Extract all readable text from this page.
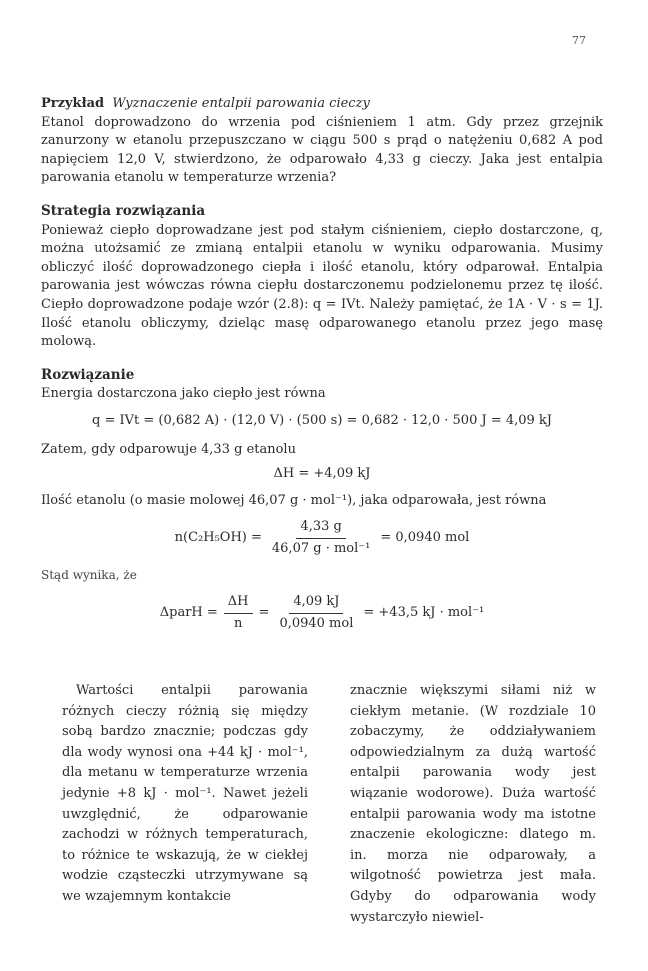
77

Przykład Wyznaczenie entalpii parowania cieczy

Etanol doprowadzono do wrzenia pod ciśnieniem 1 atm. Gdy przez grzejnik zanurzony w etanolu przepuszczano w ciągu 500 s prąd o natężeniu 0,682 A pod napięciem 12,0 V, stwierdzono, że odparowało 4,33 g cieczy. Jaka jest entalpia parowania etanolu w temperaturze wrzenia?

Strategia rozwiązania

Ponieważ ciepło doprowadzane jest pod stałym ciśnieniem, ciepło dostarczone, q, można utożsamić ze zmianą entalpii etanolu w wyniku odparowania. Musimy obliczyć ilość doprowadzonego ciepła i ilość etanolu, który odparował. Entalpia parowania jest wówczas równa ciepłu dostarczonemu podzielonemu przez tę ilość. Ciepło doprowadzone podaje wzór (2.8): q = IVt. Należy pamiętać, że 1A · V · s = 1J. Ilość etanolu obliczymy, dzieląc masę odparowanego etanolu przez jego masę molową.

Rozwiązanie

Energia dostarczona jako ciepło jest równa

q = IVt = (0,682 A) · (12,0 V) · (500 s) = 0,682 · 12,0 · 500 J = 4,09 kJ

Zatem, gdy odparowuje 4,33 g etanolu

ΔH = +4,09 kJ

Ilość etanolu (o masie molowej 46,07 g · mol⁻¹), jaka odparowała, jest równa

$n(C_2H_5OH) = \frac{4,33 g}{\text{46,07 g · mol⁻¹}} = 0,0940$ mol

Stąd wynika, że

ΔparH = $\frac{\Delta H}{n} = \frac{4,09 kJ}{\text{0,0940 mol}} = +43,5$ kJ · mol⁻¹

Wartości entalpii parowania różnych cieczy różnią się między sobą bardzo znacznie; podczas gdy dla wody wynosi ona +44 kJ · mol⁻¹, dla metanu w temperaturze wrzenia jedynie +8 kJ · mol⁻¹. Nawet jeżeli uwzględnić, że odparowanie zachodzi w różnych temperaturach, to różnice te wskazują, że w ciekłej wodzie cząsteczki utrzymywane są we wzajemnym kontakcie

znacznie większymi siłami niż w ciekłym metanie. (W rozdziale 10 zobaczymy, że oddziaływaniem odpowiedzialnym za dużą wartość entalpii parowania wody jest wiązanie wodorowe). Duża wartość entalpii parowania wody ma istotne znaczenie ekologiczne: dlatego m. in. morza nie odparowały, a wilgotność powietrza jest mała. Gdyby do odparowania wody wystarczyło niewiel-
